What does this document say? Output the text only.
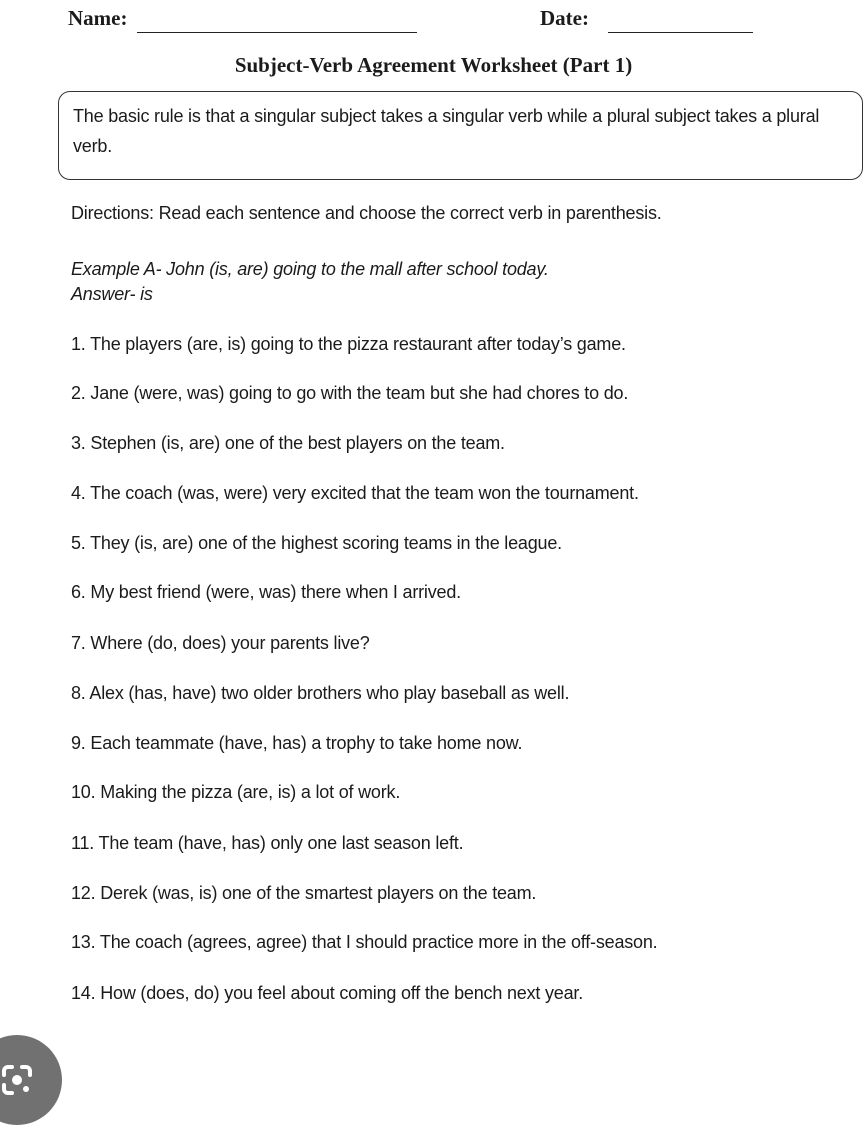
Name:	Date:
Subject-Verb Agreement Worksheet (Part 1)
The basic rule is that a singular subject takes a singular verb while a plural subject takes a plural verb.
Directions: Read each sentence and choose the correct verb in parenthesis.
Example A- John (is, are) going to the mall after school today.
Answer- is
1. The players (are, is) going to the pizza restaurant after today’s game.
2. Jane (were, was) going to go with the team but she had chores to do.
3. Stephen (is, are) one of the best players on the team.
4. The coach (was, were) very excited that the team won the tournament.
5. They (is, are) one of the highest scoring teams in the league.
6. My best friend (were, was) there when I arrived.
7. Where (do, does) your parents live?
8. Alex (has, have) two older brothers who play baseball as well.
9. Each teammate (have, has) a trophy to take home now.
10. Making the pizza (are, is) a lot of work.
11. The team (have, has) only one last season left.
12. Derek (was, is) one of the smartest players on the team.
13. The coach (agrees, agree) that I should practice more in the off-season.
14. How (does, do) you feel about coming off the bench next year.
